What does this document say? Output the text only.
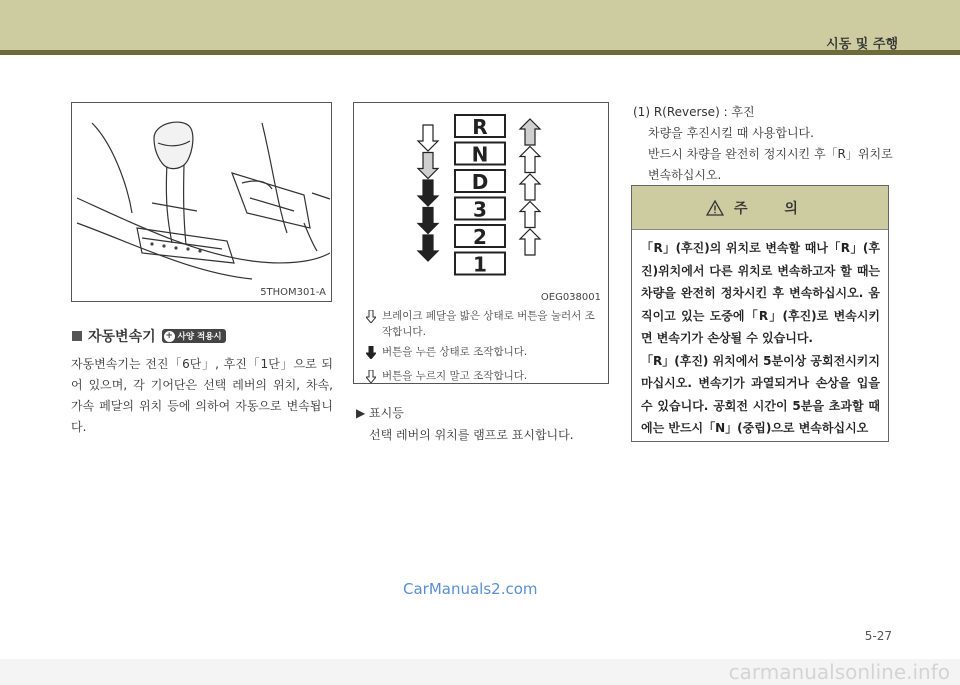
시동 및 주행
5THOM301-A
자동변속기 + 사양 적용시
자동변속기는 전진「6단」, 후진「1단」으로 되어 있으며, 각 기어단은 선택 레버의 위치, 차속, 가속 페달의 위치 등에 의하여 자동으로 변속됩니다.
R
N
D
3
2
1
OEG038001
브레이크 페달을 밟은 상태로 버튼을 눌러서 조작합니다.
버튼을 누른 상태로 조작합니다.
버튼을 누르지 말고 조작합니다.
▶ 표시등
선택 레버의 위치를 램프로 표시합니다.
(1) R(Reverse) : 후진
차량을 후진시킬 때 사용합니다.
반드시 차량을 완전히 정지시킨 후「R」위치로 변속하십시오.
주 의
「R」(후진)의 위치로 변속할 때나「R」(후진)위치에서 다른 위치로 변속하고자 할 때는 차량을 완전히 정차시킨 후 변속하십시오. 움직이고 있는 도중에「R」(후진)로 변속시키면 변속기가 손상될 수 있습니다.
「R」(후진) 위치에서 5분이상 공회전시키지 마십시오. 변속기가 과열되거나 손상을 입을 수 있습니다. 공회전 시간이 5분을 초과할 때에는 반드시「N」(중립)으로 변속하십시오
CarManuals2.com
5-27
carmanualsonline.info
